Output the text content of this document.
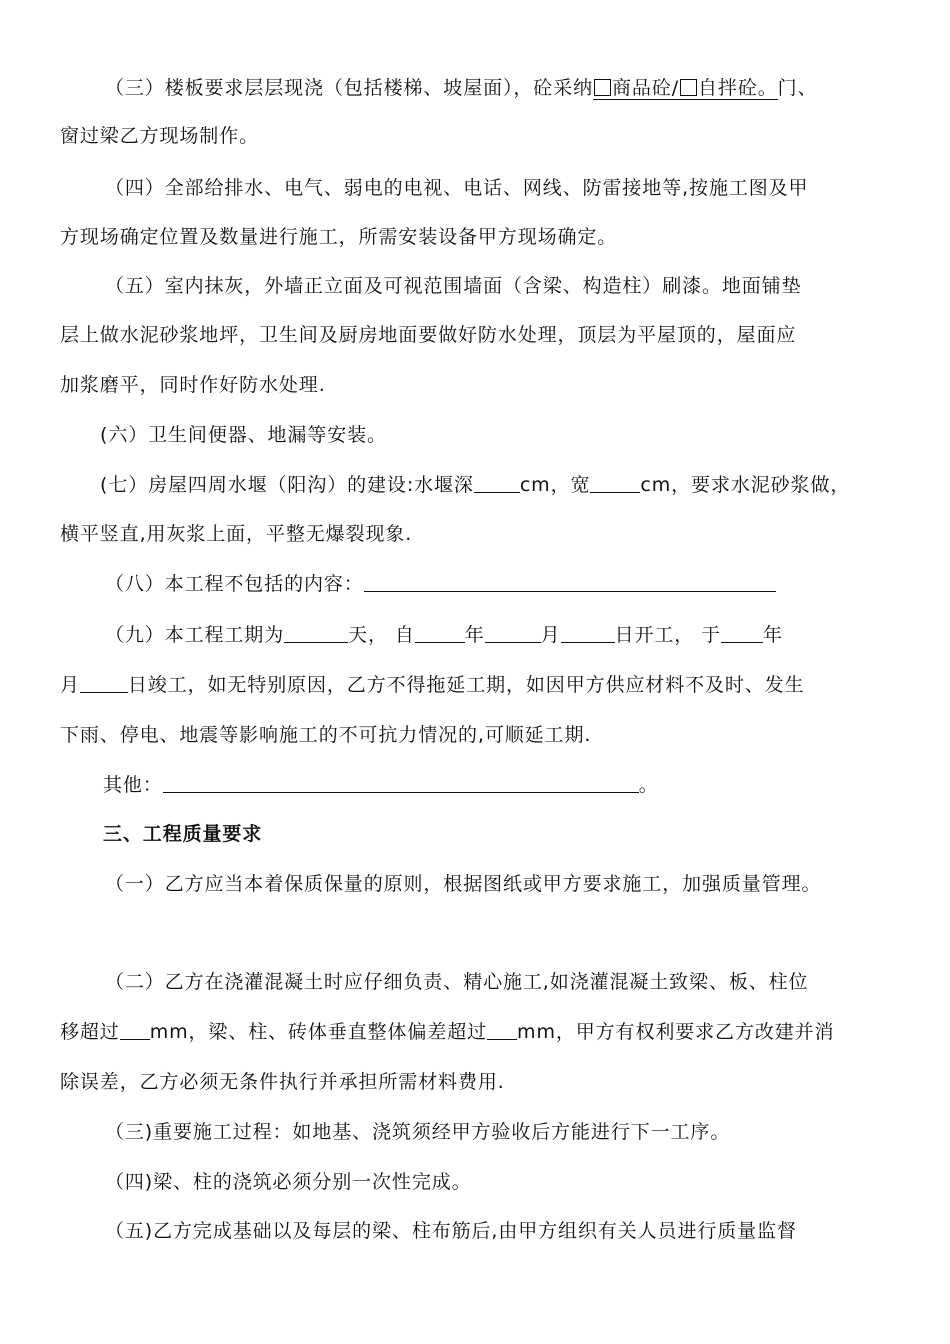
（三）楼板要求层层现浇（包括楼梯、坡屋面），砼采纳 商品砼/ 自拌砼。门、
窗过梁乙方现场制作。
（四）全部给排水、电气、弱电的电视、电话、网线、防雷接地等,按施工图及甲
方现场确定位置及数量进行施工，所需安装设备甲方现场确定。
（五）室内抹灰，外墙正立面及可视范围墙面（含梁、构造柱）刷漆。地面铺垫
层上做水泥砂浆地坪，卫生间及厨房地面要做好防水处理，顶层为平屋顶的，屋面应
加浆磨平，同时作好防水处理.
(六）卫生间便器、地漏等安装。
(七）房屋四周水堰（阳沟）的建设:水堰深 cm，宽	cm，要求水泥砂浆做，
横平竖直,用灰浆上面，平整无爆裂现象.
（八）本工程不包括的内容：
（九）本工程工期为	天， 自	年	月	日开工， 于 年
月	日竣工，如无特别原因，乙方不得拖延工期，如因甲方供应材料不及时、发生
下雨、停电、地震等影响施工的不可抗力情况的,可顺延工期.
其他：	。
三、工程质量要求
（一）乙方应当本着保质保量的原则，根据图纸或甲方要求施工，加强质量管理。
（二）乙方在浇灌混凝土时应仔细负责、精心施工,如浇灌混凝土致梁、板、柱位
移超过 mm，梁、柱、砖体垂直整体偏差超过 mm，甲方有权利要求乙方改建并消
除误差，乙方必须无条件执行并承担所需材料费用.
（三)重要施工过程：如地基、浇筑须经甲方验收后方能进行下一工序。
（四)梁、柱的浇筑必须分别一次性完成。
（五)乙方完成基础以及每层的梁、柱布筋后,由甲方组织有关人员进行质量监督
